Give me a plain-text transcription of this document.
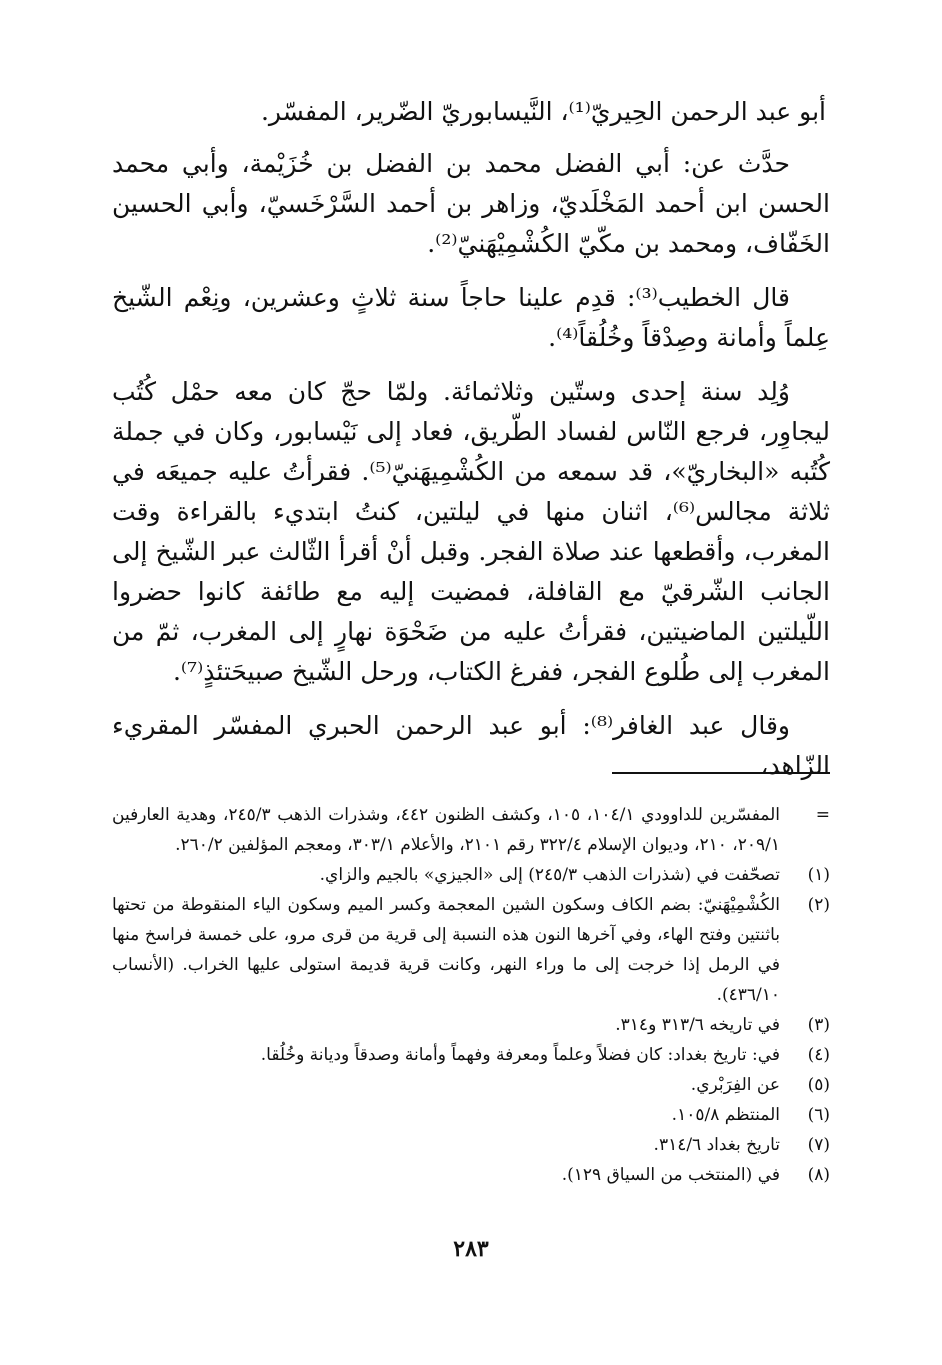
أبو عبد الرحمن الحِيريّ⁽¹⁾، النَّيسابوريّ الضّرير، المفسّر.

حدَّث عن: أبي الفضل محمد بن الفضل بن خُزَيْمة، وأبي محمد الحسن ابن أحمد المَخْلَديّ، وزاهر بن أحمد السَّرْخَسيّ، وأبي الحسين الخَفّاف، ومحمد بن مكّيّ الكُشْمِيْهَنيّ⁽²⁾.

قال الخطيب⁽³⁾: قدِم علينا حاجاً سنة ثلاثٍ وعشرين، ونِعْم الشّيخ عِلماً وأمانة وصِدْقاً وخُلُقاً⁽⁴⁾.

وُلِد سنة إحدى وستّين وثلاثمائة. ولمّا حجّ كان معه حمْل كُتُب ليجاوِر، فرجع النّاس لفساد الطّريق، فعاد إلى نَيْسابور، وكان في جملة كُتُبه «البخاريّ»، قد سمعه من الكُشْمِيهَنيّ⁽⁵⁾. فقرأتُ عليه جميعَه في ثلاثة مجالس⁽⁶⁾، اثنان منها في ليلتين، كنتُ ابتديء بالقراءة وقت المغرب، وأقطعها عند صلاة الفجر. وقبل أنْ أقرأ الثّالث عبر الشّيخ إلى الجانب الشّرقيّ مع القافلة، فمضيت إليه مع طائفة كانوا حضروا اللّيلتين الماضيتين، فقرأتُ عليه من ضَحْوَة نهارٍ إلى المغرب، ثمّ من المغرب إلى طُلوع الفجر، ففرغ الكتاب، ورحل الشّيخ صبيحَتئذٍ⁽⁷⁾.

وقال عبد الغافر⁽⁸⁾: أبو عبد الرحمن الحبري المفسّر المقريء الزّاهد،

=
المفسّرين للداوودي ١٠٤/١، ١٠٥، وكشف الظنون ٤٤٢، وشذرات الذهب ٢٤٥/٣، وهدية العارفين ٢٠٩/١، ٢١٠، وديوان الإسلام ٣٢٢/٤ رقم ٢١٠١، والأعلام ٣٠٣/١، ومعجم المؤلفين ٢٦٠/٢.
(١)
تصحّفت في (شذرات الذهب ٢٤٥/٣) إلى «الجيزي» بالجيم والزاي.
(٢)
الكُشْمِيْهَنيّ: بضم الكاف وسكون الشين المعجمة وكسر الميم وسكون الياء المنقوطة من تحتها باثنتين وفتح الهاء، وفي آخرها النون هذه النسبة إلى قرية من قرى مرو، على خمسة فراسخ منها في الرمل إذا خرجت إلى ما وراء النهر، وكانت قرية قديمة استولى عليها الخراب. (الأنساب ٤٣٦/١٠).
(٣)
في تاريخه ٣١٣/٦ و٣١٤.
(٤)
في: تاريخ بغداد: كان فضلاً وعلماً ومعرفة وفهماً وأمانة وصدقاً وديانة وخُلُقا.
(٥)
عن الفِرَبْري.
(٦)
المنتظم ١٠٥/٨.
(٧)
تاريخ بغداد ٣١٤/٦.
(٨)
في (المنتخب من السياق ١٢٩).
٢٨٣
